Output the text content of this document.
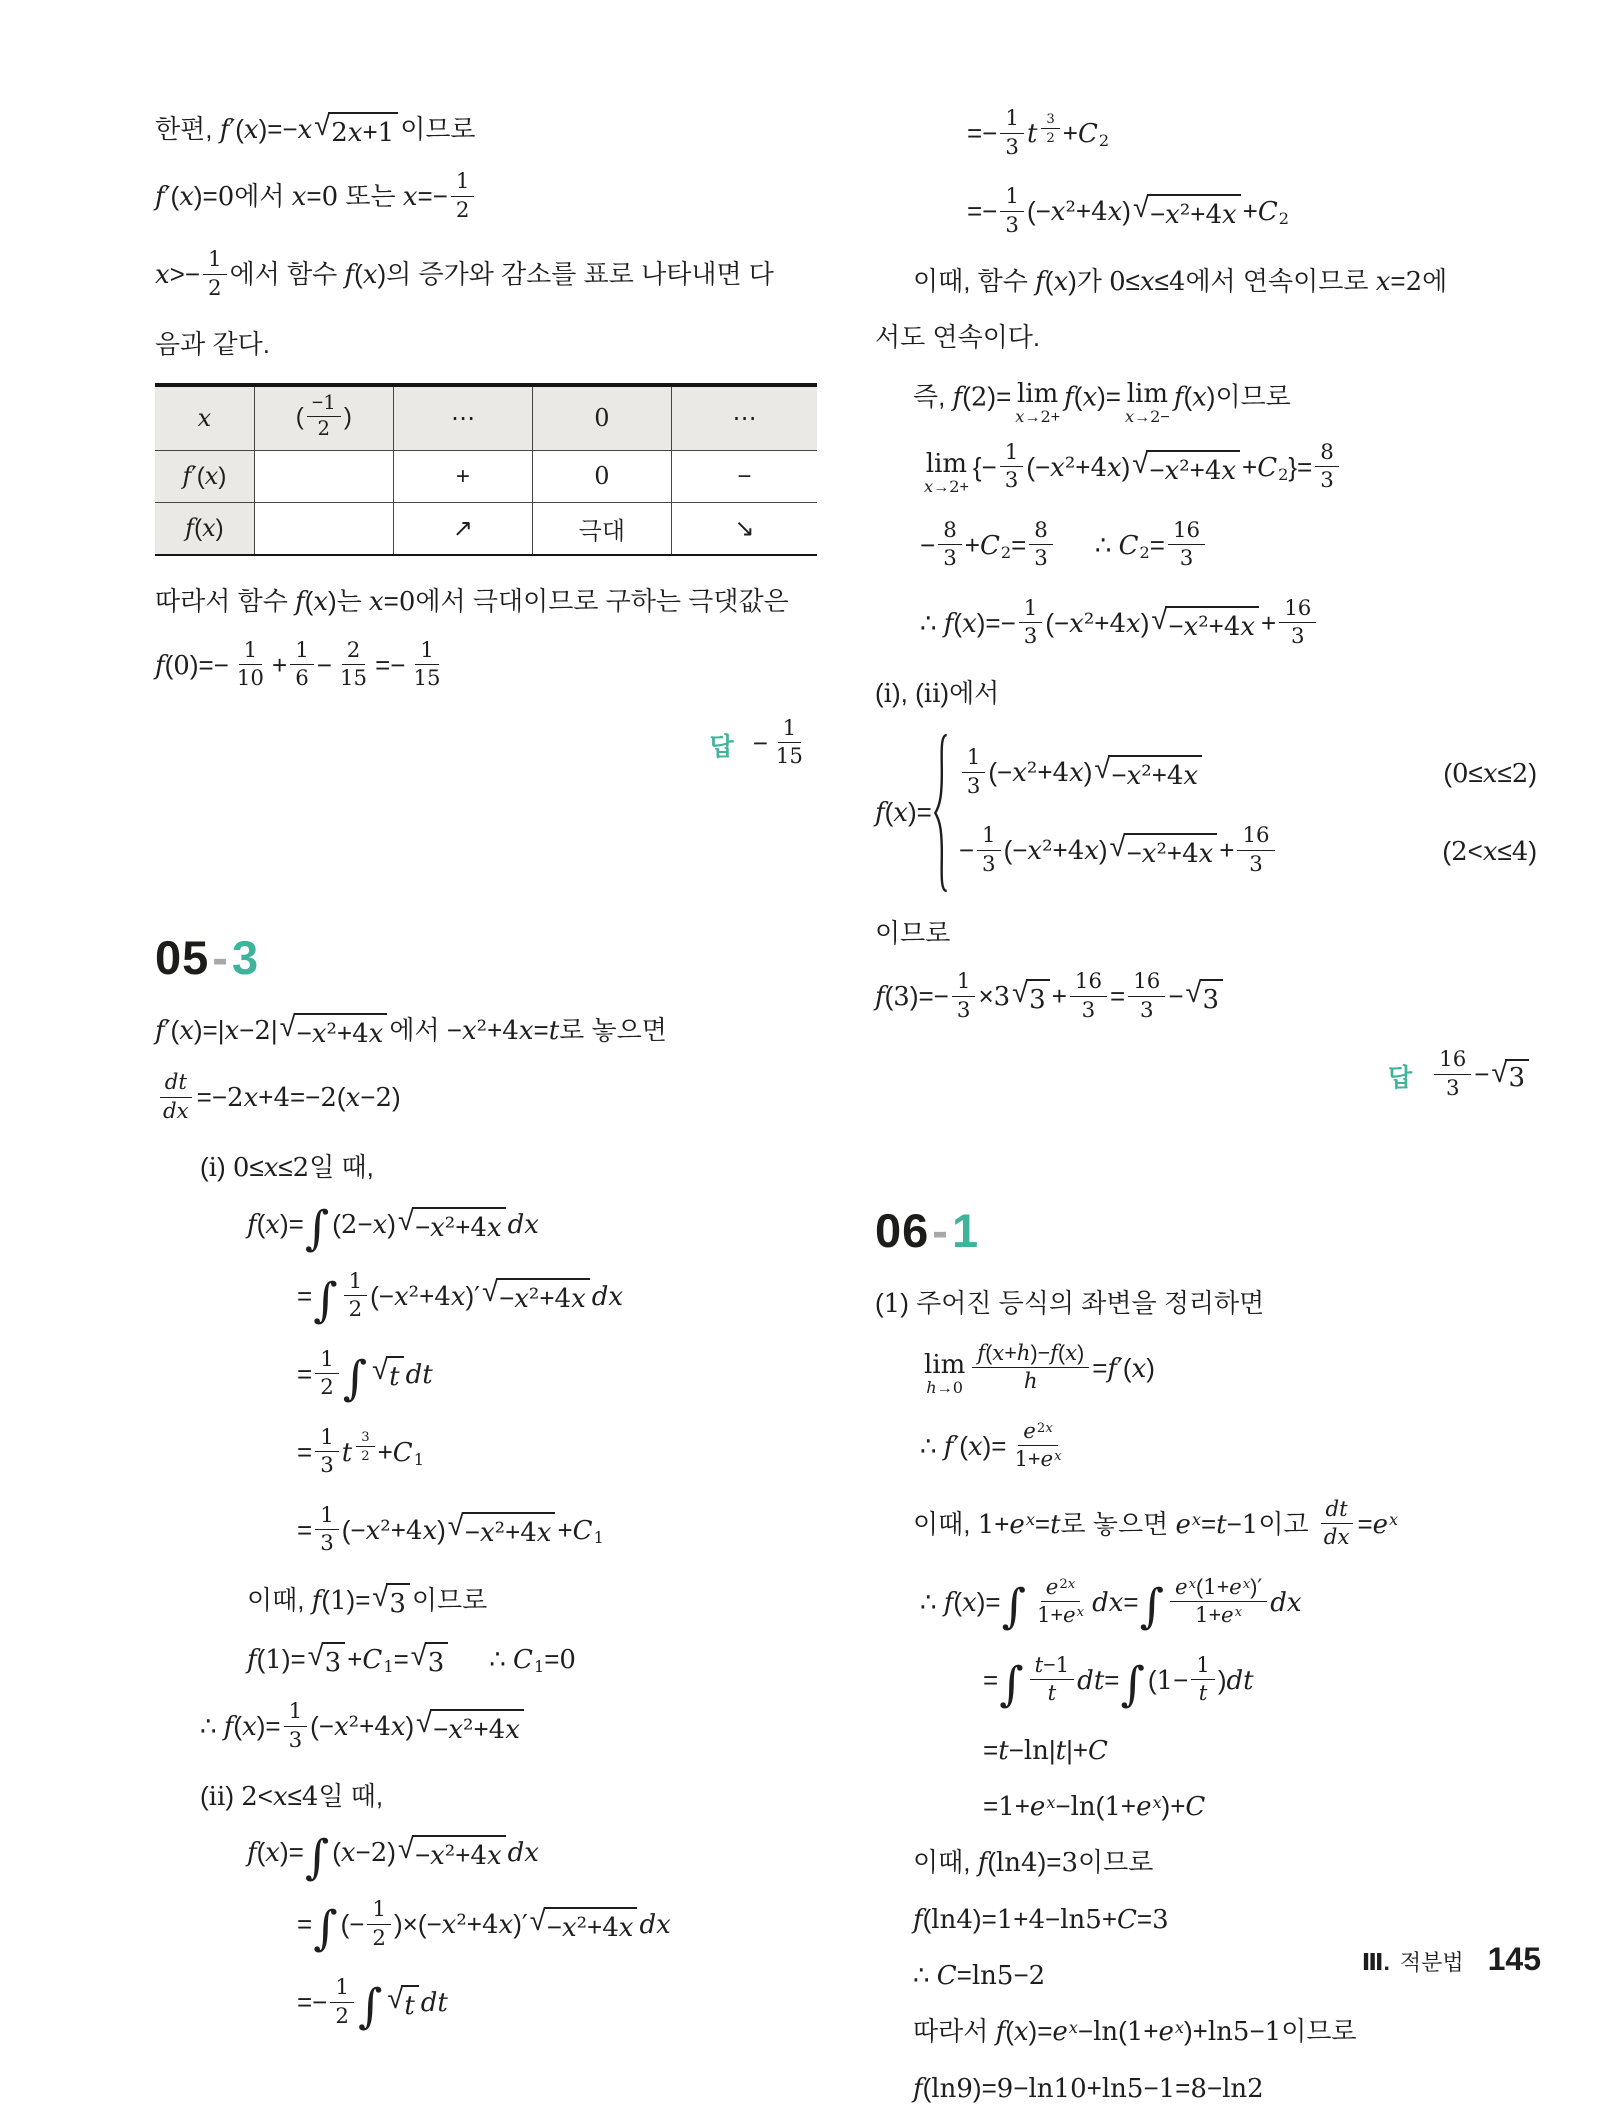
한편, f′(x)=−x √ 2x+1 이므로

f′(x)=0에서 x=0 또는 $x=- \frac{1}{2}$

$x>- \frac{1}{2}$ 에서 함수 f(x)의 증가와 감소를 표로 나타내면 다

음과 같다.

x	( $\frac{-1}{2}$ )	⋯	0	⋯
f′(x)		+	0	−
f(x)		↗	극대	↘

따라서 함수 f(x)는 x=0에서 극대이므로 구하는 극댓값은

$f(0)=- \frac{1}{10} + \frac{1}{6} - \frac{2}{15} =- \frac{1}{15}$

답 − $\frac{1}{15}$
05-3

f′(x)=|x−2| √ −x²+4x 에서 −x²+4x=t로 놓으면

$\frac{dt}{dx} =-2x+4=-2(x-2)$

(i) 0≤x≤2일 때,

f(x)=∫ (2−x) √ −x²+4x dx

=∫ $\frac{1}{2} (-x^2+4x)'$ √ −x²+4x dx

= $\frac{1}{2}$ ∫ √ t dt

= $\frac{1}{3}$ t $\frac{3}{2} +C1$

= $\frac{1}{3} (-x^2+4x)$ √ −x²+4x +C1

이때, f(1)= √ 3 이므로

f(1)= √ 3 +C1= √ 3   ∴ C1=0

∴ $f(x)= \frac{1}{3} (-x^2+4x)$ √ −x²+4x

(ii) 2<x≤4일 때,

f(x)=∫ (x−2) √ −x²+4x dx

=∫ (− $\frac{1}{2} )\times(-x^2+4x)'$ √ −x²+4x dx

=− $\frac{1}{2}$ ∫ √ t dt

=− $\frac{1}{3}$ t $\frac{3}{2} +C2$

=− $\frac{1}{3} (-x^2+4x)$ √ −x²+4x +C2

이때, 함수 f(x)가 0≤x≤4에서 연속이므로 x=2에

서도 연속이다.

즉, f(2)= lim
x→2+
f(x)= lim
x→2−
f(x)이므로

lim
x→2+
{− $\frac{1}{3} (-x^2+4x)$ √ $-x^2+4x +C2\}= \frac{8}{3}$

− $\frac{8}{3} +C2= \frac{8}{3}$   ∴ $C2= \frac{16}{3}$

∴ $f(x)=- \frac{1}{3} (-x^2+4x)$ √ $-x^2+4x + \frac{16}{3}$

(i), (ii)에서

f(x)=
$\frac{1}{3} (-x^2+4x)$ √ −x²+4x	(0≤x≤2)
− $\frac{1}{3} (-x^2+4x)$ √ $-x^2+4x + \frac{16}{3}$	(2<x≤4)

이므로

$f(3)=- \frac{1}{3} \times 3$ √ $3 + \frac{16}{3} = \frac{16}{3}$ − √ 3

답 $\frac{16}{3}$ − √ 3
06-1

(1) 주어진 등식의 좌변을 정리하면

lim
$h\to 0 \frac{f(x+h)-f(x)}{h} =f'(x)$

∴ $f'(x)= \frac{e2x}{1+ex}$

이때, 1+ex=t로 놓으면 ex=t−1이고 $\frac{dt}{dx} =ex$

∴ $f(x)=\int \frac{e2x}{1+ex} dx=\int \frac{ex(1+ex)'}{1+ex}$ dx

=∫ $\frac{t-1}{t} dt=\int$ $(1- \frac{1}{t} )dt$

=t−ln|t|+C

=1+ex−ln(1+ex)+C

이때, f(ln4)=3이므로

f(ln4)=1+4−ln5+C=3

∴ C=ln5−2

따라서 f(x)=ex−ln(1+ex)+ln5−1이므로

f(ln9)=9−ln10+ln5−1=8−ln2

Ⅲ. 적분법 145
